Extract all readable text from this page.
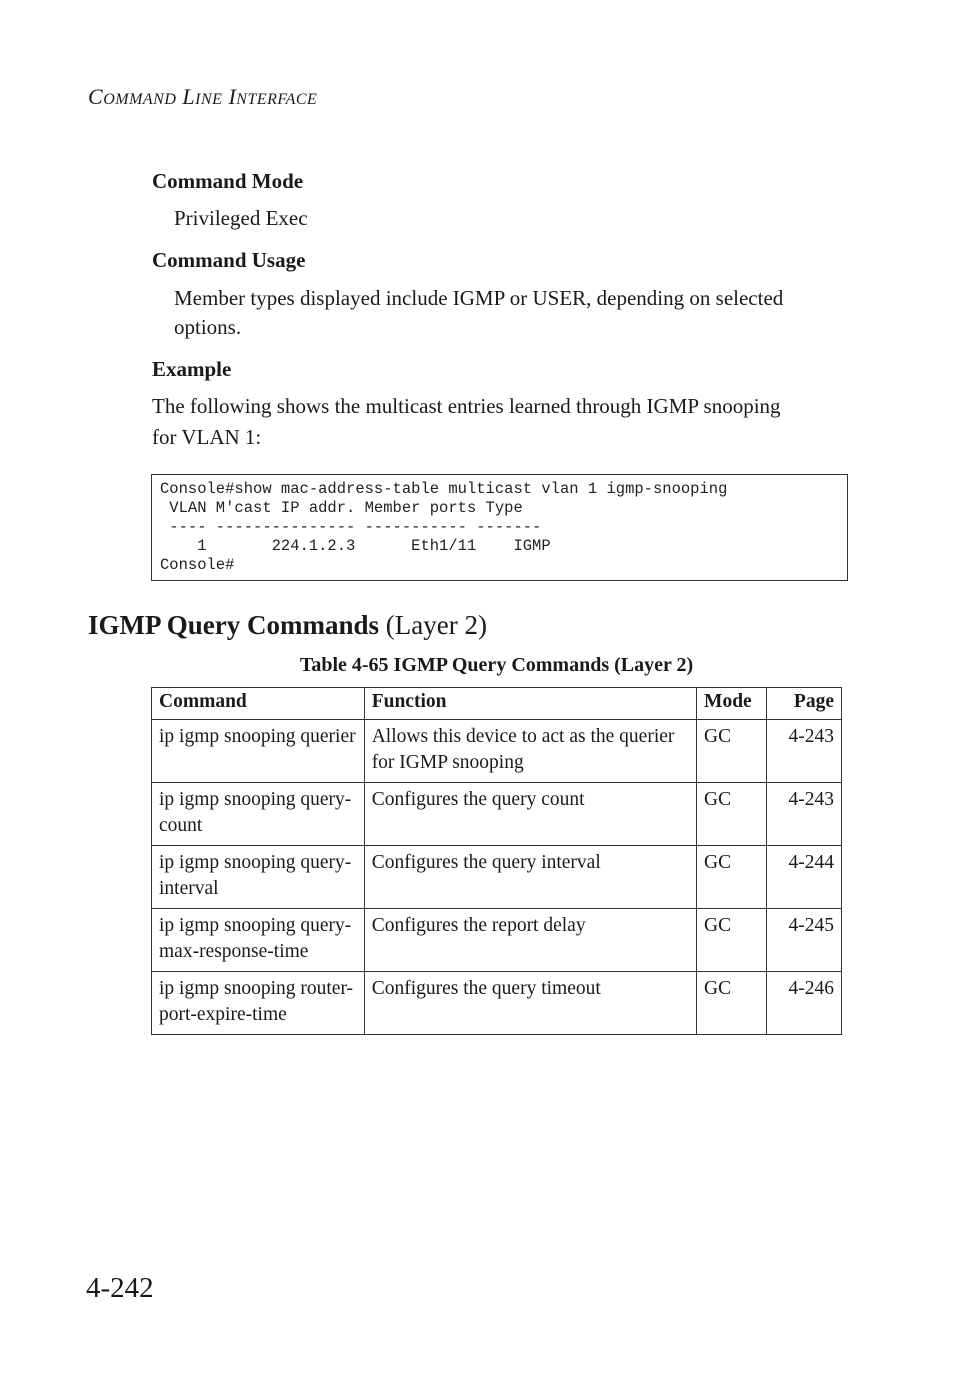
COMMAND LINE INTERFACE
Command Mode
Privileged Exec
Command Usage
Member types displayed include IGMP or USER, depending on selected options.
Example
The following shows the multicast entries learned through IGMP snooping for VLAN 1:
Console#show mac-address-table multicast vlan 1 igmp-snooping
VLAN M'cast IP addr. Member ports Type
---- --------------- ----------- -------
1       224.1.2.3      Eth1/11    IGMP
Console#
IGMP Query Commands (Layer 2)
Table 4-65 IGMP Query Commands (Layer 2)
Command	Function	Mode	Page
ip igmp snooping querier	Allows this device to act as the querier for IGMP snooping	GC	4-243
ip igmp snooping query-count	Configures the query count	GC	4-243
ip igmp snooping query-interval	Configures the query interval	GC	4-244
ip igmp snooping query-max-response-time	Configures the report delay	GC	4-245
ip igmp snooping router-port-expire-time	Configures the query timeout	GC	4-246
4-242
